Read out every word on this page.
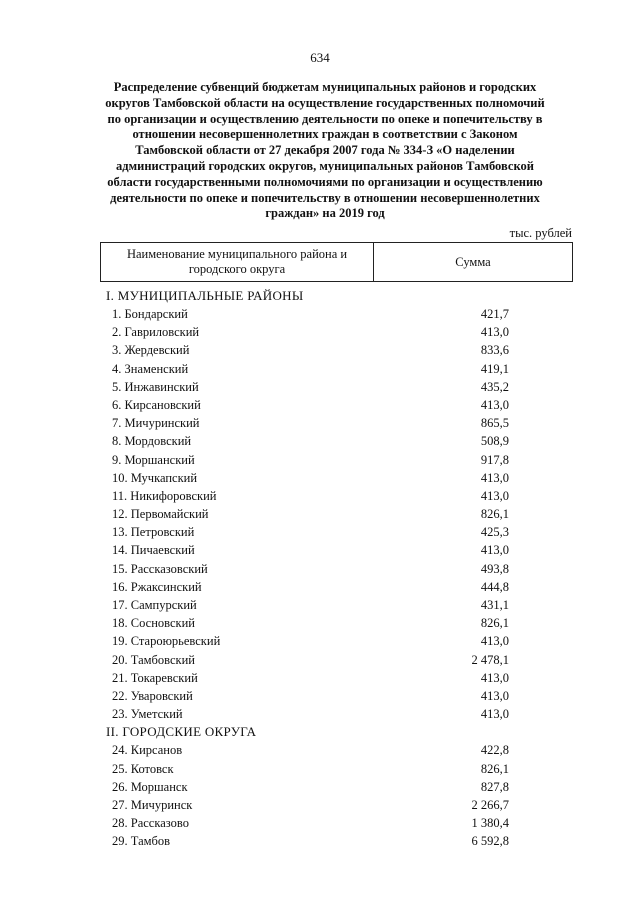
634
Распределение субвенций бюджетам муниципальных районов и городских округов Тамбовской области на осуществление государственных полномочий по организации и осуществлению деятельности по опеке и попечительству в отношении несовершеннолетних граждан в соответствии с Законом Тамбовской области от 27 декабря 2007 года № 334-З «О наделении администраций городских округов, муниципальных районов Тамбовской области государственными полномочиями по организации и осуществлению деятельности по опеке и попечительству в отношении несовершеннолетних граждан» на 2019 год
тыс. рублей
Наименование муниципального района и городского округа	Сумма
I. МУНИЦИПАЛЬНЫЕ РАЙОНЫ
1. Бондарский	421,7
2. Гавриловский	413,0
3. Жердевский	833,6
4. Знаменский	419,1
5. Инжавинский	435,2
6. Кирсановский	413,0
7. Мичуринский	865,5
8. Мордовский	508,9
9. Моршанский	917,8
10. Мучкапский	413,0
11. Никифоровский	413,0
12. Первомайский	826,1
13. Петровский	425,3
14. Пичаевский	413,0
15. Рассказовский	493,8
16. Ржаксинский	444,8
17. Сампурский	431,1
18. Сосновский	826,1
19. Староюрьевский	413,0
20. Тамбовский	2 478,1
21. Токаревский	413,0
22. Уваровский	413,0
23. Уметский	413,0
II. ГОРОДСКИЕ ОКРУГА
24. Кирсанов	422,8
25. Котовск	826,1
26. Моршанск	827,8
27. Мичуринск	2 266,7
28. Рассказово	1 380,4
29. Тамбов	6 592,8
